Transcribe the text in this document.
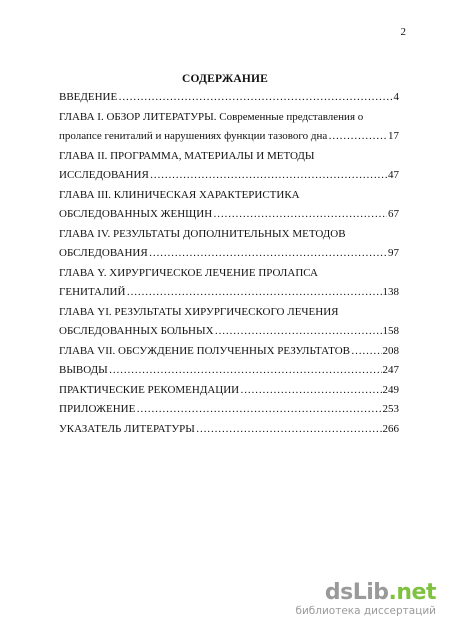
2
СОДЕРЖАНИЕ
ВВЕДЕНИЕ ………………………………………………………………………………………………………………………………………	4
ГЛАВА I. ОБЗОР ЛИТЕРАТУРЫ. Современные представления о
пролапсе гениталий и нарушениях функции тазового дна ………………………………………………………………………………………………………………………………………	17
ГЛАВА II. ПРОГРАММА, МАТЕРИАЛЫ И МЕТОДЫ
ИССЛЕДОВАНИЯ ………………………………………………………………………………………………………………………………………	47
ГЛАВА III. КЛИНИЧЕСКАЯ ХАРАКТЕРИСТИКА
ОБСЛЕДОВАННЫХ ЖЕНЩИН ………………………………………………………………………………………………………………………………………	67
ГЛАВА IV. РЕЗУЛЬТАТЫ ДОПОЛНИТЕЛЬНЫХ МЕТОДОВ
ОБСЛЕДОВАНИЯ ………………………………………………………………………………………………………………………………………	97
ГЛАВА Y. ХИРУРГИЧЕСКОЕ ЛЕЧЕНИЕ ПРОЛАПСА
ГЕНИТАЛИЙ ………………………………………………………………………………………………………………………………………	138
ГЛАВА YI. РЕЗУЛЬТАТЫ ХИРУРГИЧЕСКОГО ЛЕЧЕНИЯ
ОБСЛЕДОВАННЫХ БОЛЬНЫХ ………………………………………………………………………………………………………………………………………	158
ГЛАВА VII. ОБСУЖДЕНИЕ ПОЛУЧЕННЫХ РЕЗУЛЬТАТОВ ………………………………………………………………………………………………………………………………………	208
ВЫВОДЫ ………………………………………………………………………………………………………………………………………	247
ПРАКТИЧЕСКИЕ РЕКОМЕНДАЦИИ ………………………………………………………………………………………………………………………………………	249
ПРИЛОЖЕНИЕ ………………………………………………………………………………………………………………………………………	253
УКАЗАТЕЛЬ ЛИТЕРАТУРЫ ………………………………………………………………………………………………………………………………………	266
dsLib.net
библиотека диссертаций
